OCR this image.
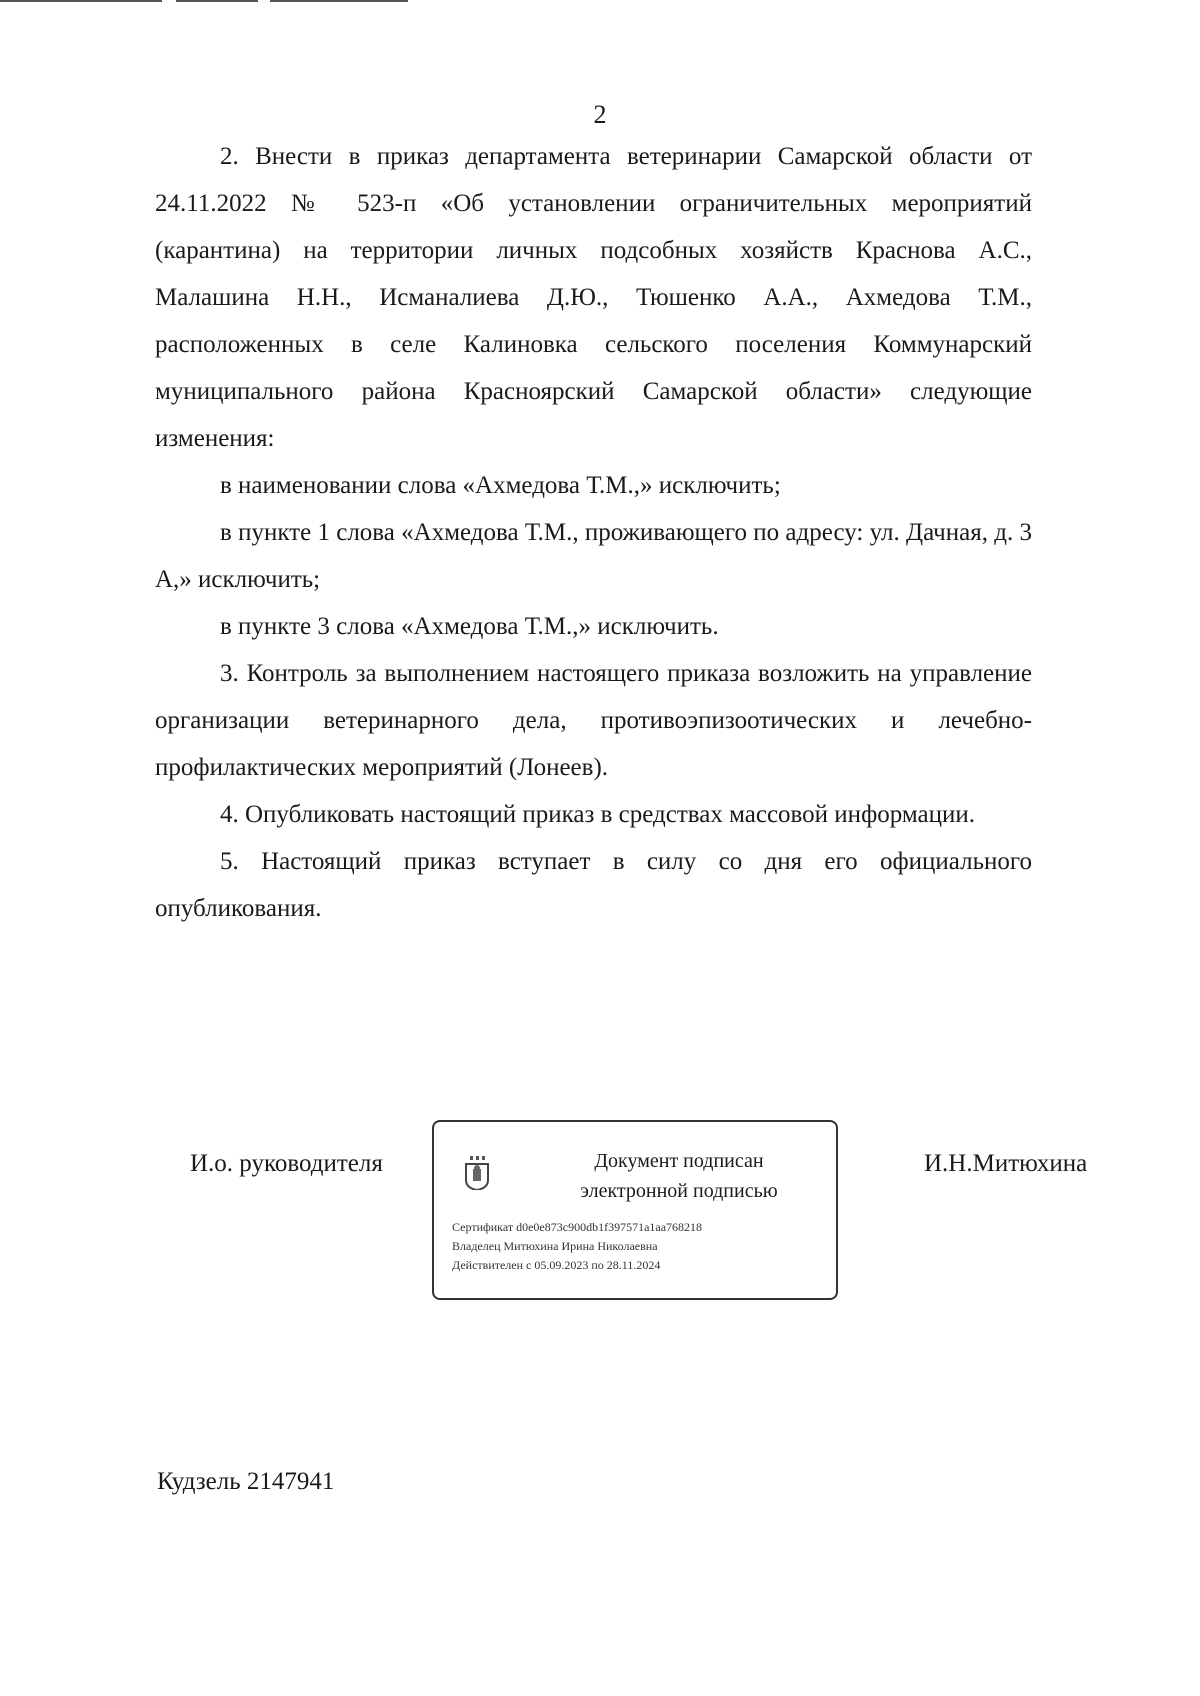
2

2. Внести в приказ департамента ветеринарии Самарской области от 24.11.2022 № 523-п «Об установлении ограничительных мероприятий (карантина) на территории личных подсобных хозяйств Краснова А.С., Малашина Н.Н., Исманалиева Д.Ю., Тюшенко А.А., Ахмедова Т.М., расположенных в селе Калиновка сельского поселения Коммунарский муниципального района Красноярский Самарской области» следующие изменения:

в наименовании слова «Ахмедова Т.М.,» исключить;

в пункте 1 слова «Ахмедова Т.М., проживающего по адресу: ул. Дачная, д. 3 А,» исключить;

в пункте 3 слова «Ахмедова Т.М.,» исключить.

3. Контроль за выполнением настоящего приказа возложить на управление организации ветеринарного дела, противоэпизоотических и лечебно-профилактических мероприятий (Лонеев).

4. Опубликовать настоящий приказ в средствах массовой информации.

5. Настоящий приказ вступает в силу со дня его официального опубликования.

И.о. руководителя	Документ подписан
электронной подписью
Сертификат d0e0e873c900db1f397571a1aa768218
Владелец Митюхина Ирина Николаевна
Действителен с 05.09.2023 по 28.11.2024
И.Н.Митюхина
Кудзель 2147941
